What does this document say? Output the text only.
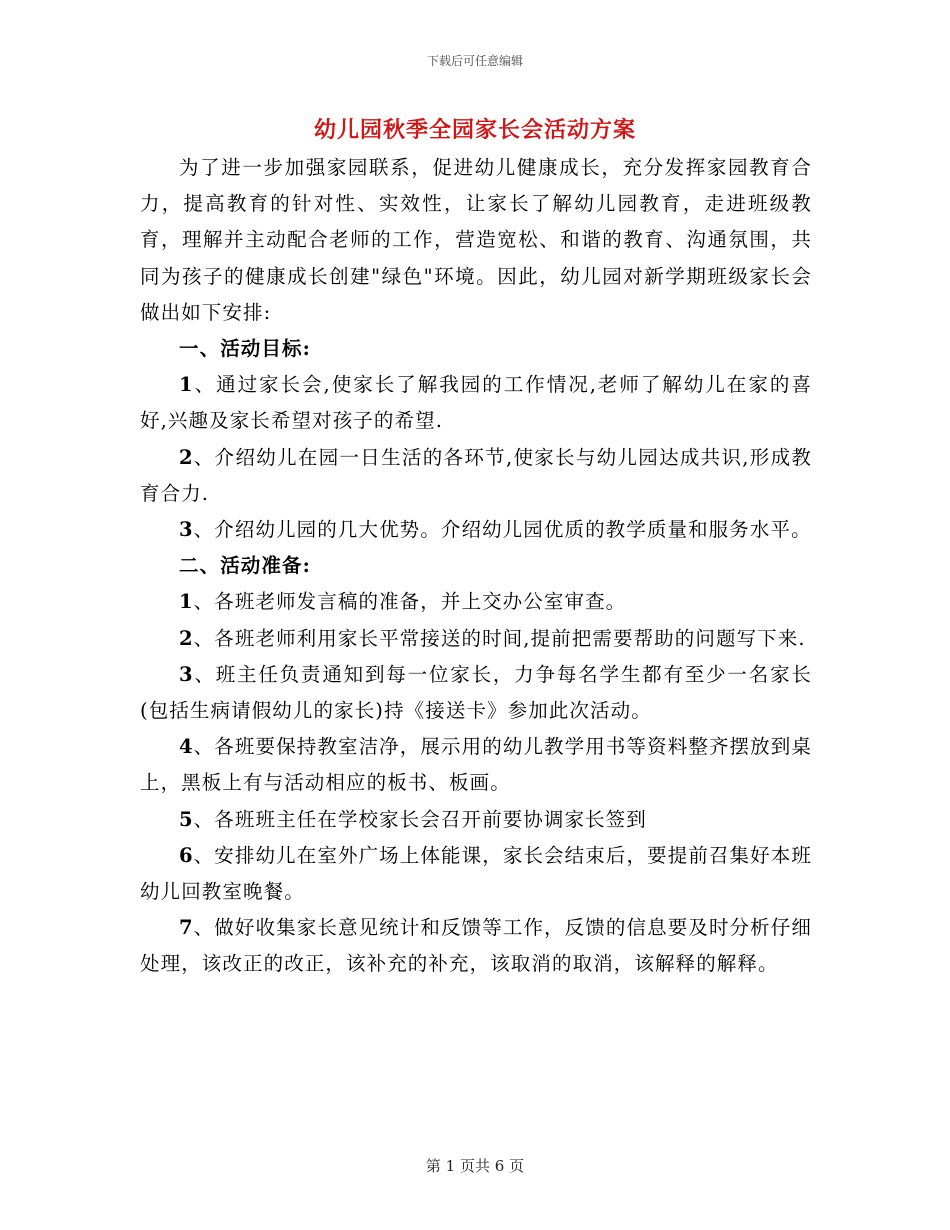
下载后可任意编辑
幼儿园秋季全园家长会活动方案

为了进一步加强家园联系，促进幼儿健康成长，充分发挥家园教育合力，提高教育的针对性、实效性，让家长了解幼儿园教育，走进班级教育，理解并主动配合老师的工作，营造宽松、和谐的教育、沟通氛围，共同为孩子的健康成长创建"绿色"环境。因此，幼儿园对新学期班级家长会做出如下安排:

一、活动目标:

1、通过家长会,使家长了解我园的工作情况,老师了解幼儿在家的喜好,兴趣及家长希望对孩子的希望.

2、介绍幼儿在园一日生活的各环节,使家长与幼儿园达成共识,形成教育合力.

3、介绍幼儿园的几大优势。介绍幼儿园优质的教学质量和服务水平。

二、活动准备:

1、各班老师发言稿的准备，并上交办公室审查。

2、各班老师利用家长平常接送的时间,提前把需要帮助的问题写下来.

3、班主任负责通知到每一位家长，力争每名学生都有至少一名家长(包括生病请假幼儿的家长)持《接送卡》参加此次活动。

4、各班要保持教室洁净，展示用的幼儿教学用书等资料整齐摆放到桌上，黑板上有与活动相应的板书、板画。

5、各班班主任在学校家长会召开前要协调家长签到

6、安排幼儿在室外广场上体能课，家长会结束后，要提前召集好本班幼儿回教室晚餐。

7、做好收集家长意见统计和反馈等工作，反馈的信息要及时分析仔细处理，该改正的改正，该补充的补充，该取消的取消，该解释的解释。

第 1 页共 6 页
